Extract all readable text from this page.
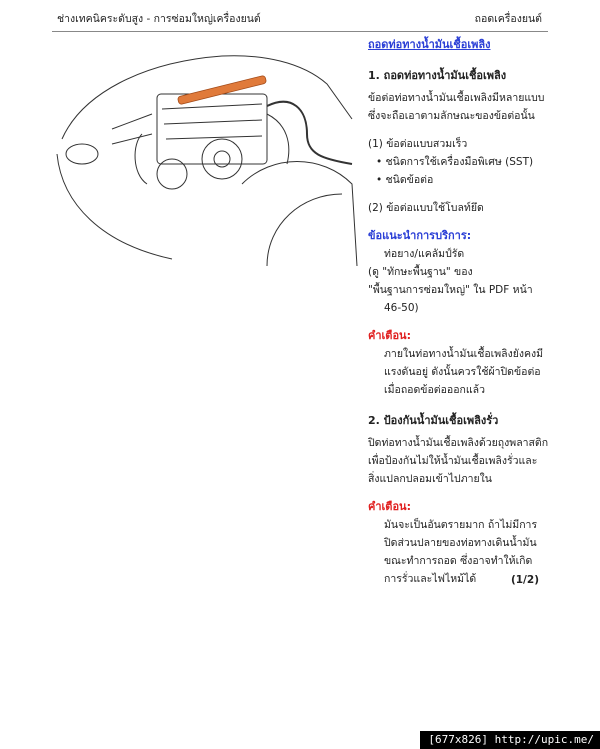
ช่างเทคนิคระดับสูง - การซ่อมใหญ่เครื่องยนต์	ถอดเครื่องยนต์
ถอดท่อทางน้ำมันเชื้อเพลิง
1. ถอดท่อทางน้ำมันเชื้อเพลิง
ข้อต่อท่อทางน้ำมันเชื้อเพลิงมีหลายแบบ
ซึ่งจะถือเอาตามลักษณะของข้อต่อนั้น
(1) ข้อต่อแบบสวมเร็ว
• ชนิดการใช้เครื่องมือพิเศษ (SST)
• ชนิดข้อต่อ
(2) ข้อต่อแบบใช้โบลท์ยึด
ข้อแนะนำการบริการ:
ท่อยาง/แคลัมป์รัด
(ดู "ทักษะพื้นฐาน" ของ
"พื้นฐานการซ่อมใหญ่" ใน PDF หน้า
46-50)
คำเตือน:
ภายในท่อทางน้ำมันเชื้อเพลิงยังคงมี
แรงดันอยู่ ดังนั้นควรใช้ผ้าปิดข้อต่อ
เมื่อถอดข้อต่อออกแล้ว
2. ป้องกันน้ำมันเชื้อเพลิงรั่ว
ปิดท่อทางน้ำมันเชื้อเพลิงด้วยถุงพลาสติก
เพื่อป้องกันไม่ให้น้ำมันเชื้อเพลิงรั่วและ
สิ่งแปลกปลอมเข้าไปภายใน
คำเตือน:
มันจะเป็นอันตรายมาก ถ้าไม่มีการ
ปิดส่วนปลายของท่อทางเดินน้ำมัน
ขณะทำการถอด ซึ่งอาจทำให้เกิด
การรั่วและไฟไหม้ได้	(1/2)
[677x826] http://upic.me/
